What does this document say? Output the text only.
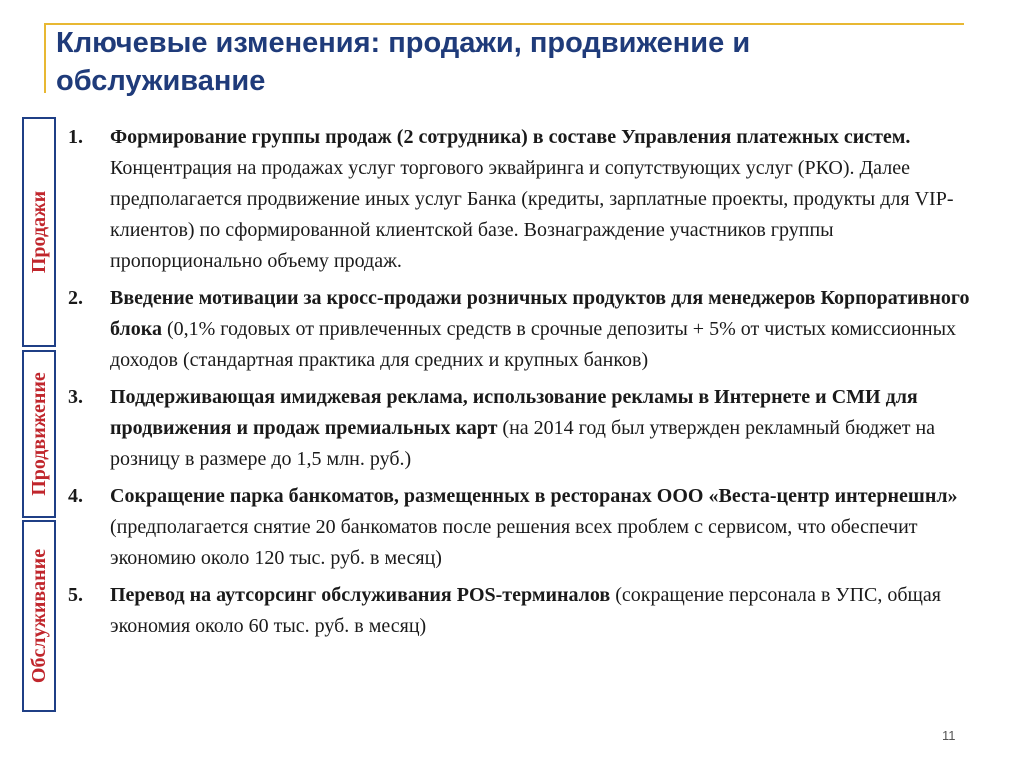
Ключевые изменения: продажи, продвижение и обслуживание
Продажи
Продвижение
Обслуживание
1. Формирование группы продаж (2 сотрудника) в составе Управления платежных систем. Концентрация на продажах услуг торгового эквайринга и сопутствующих услуг (РКО). Далее предполагается продвижение иных услуг Банка (кредиты, зарплатные проекты, продукты для VIP-клиентов) по сформированной клиентской базе. Вознаграждение участников группы пропорционально объему продаж.
2. Введение мотивации за кросс-продажи розничных продуктов для менеджеров Корпоративного блока (0,1% годовых от привлеченных средств в срочные депозиты + 5% от чистых комиссионных доходов (стандартная практика для средних и крупных банков)
3. Поддерживающая имиджевая реклама, использование рекламы в Интернете и СМИ для продвижения и продаж премиальных карт (на 2014 год был утвержден рекламный бюджет на розницу в размере до 1,5 млн. руб.)
4. Сокращение парка банкоматов, размещенных в ресторанах ООО «Веста-центр интернешнл» (предполагается снятие 20 банкоматов после решения всех проблем с сервисом, что обеспечит экономию около 120 тыс. руб. в месяц)
5. Перевод на аутсорсинг обслуживания POS-терминалов (сокращение персонала в УПС, общая экономия около 60 тыс. руб. в месяц)
11
